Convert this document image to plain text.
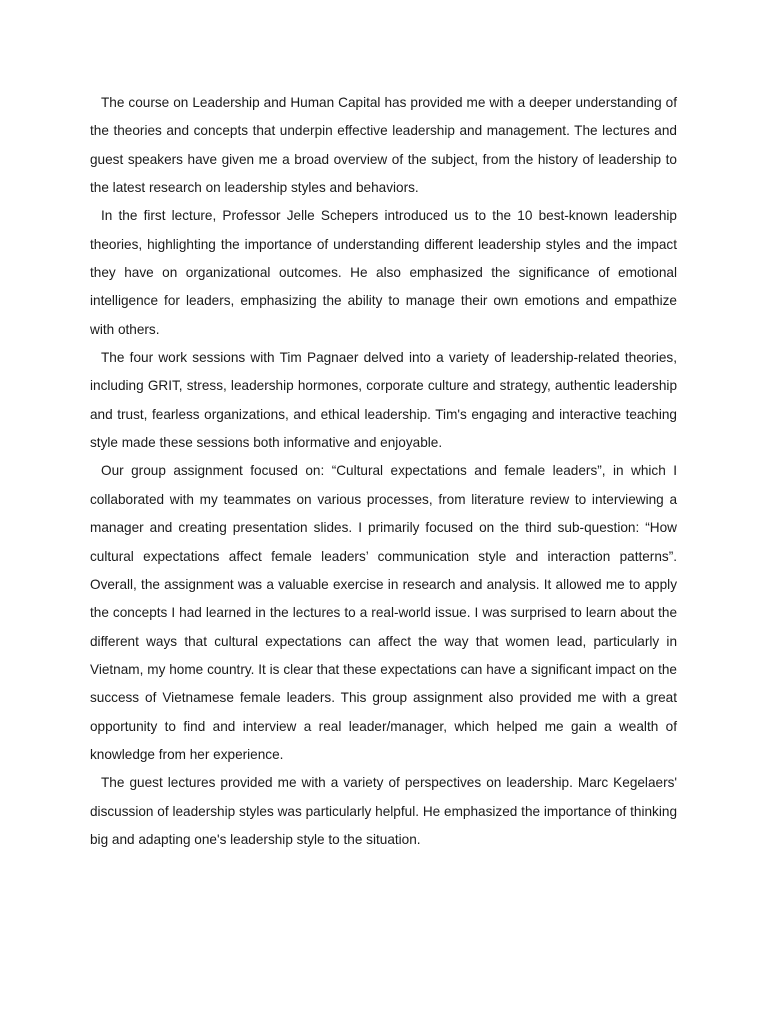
The course on Leadership and Human Capital has provided me with a deeper understanding of the theories and concepts that underpin effective leadership and management. The lectures and guest speakers have given me a broad overview of the subject, from the history of leadership to the latest research on leadership styles and behaviors.

In the first lecture, Professor Jelle Schepers introduced us to the 10 best-known leadership theories, highlighting the importance of understanding different leadership styles and the impact they have on organizational outcomes. He also emphasized the significance of emotional intelligence for leaders, emphasizing the ability to manage their own emotions and empathize with others.

The four work sessions with Tim Pagnaer delved into a variety of leadership-related theories, including GRIT, stress, leadership hormones, corporate culture and strategy, authentic leadership and trust, fearless organizations, and ethical leadership. Tim's engaging and interactive teaching style made these sessions both informative and enjoyable.

Our group assignment focused on: “Cultural expectations and female leaders”, in which I collaborated with my teammates on various processes, from literature review to interviewing a manager and creating presentation slides. I primarily focused on the third sub-question: “How cultural expectations affect female leaders’ communication style and interaction patterns”. Overall, the assignment was a valuable exercise in research and analysis. It allowed me to apply the concepts I had learned in the lectures to a real-world issue. I was surprised to learn about the different ways that cultural expectations can affect the way that women lead, particularly in Vietnam, my home country. It is clear that these expectations can have a significant impact on the success of Vietnamese female leaders. This group assignment also provided me with a great opportunity to find and interview a real leader/manager, which helped me gain a wealth of knowledge from her experience.

The guest lectures provided me with a variety of perspectives on leadership. Marc Kegelaers' discussion of leadership styles was particularly helpful. He emphasized the importance of thinking big and adapting one's leadership style to the situation.
